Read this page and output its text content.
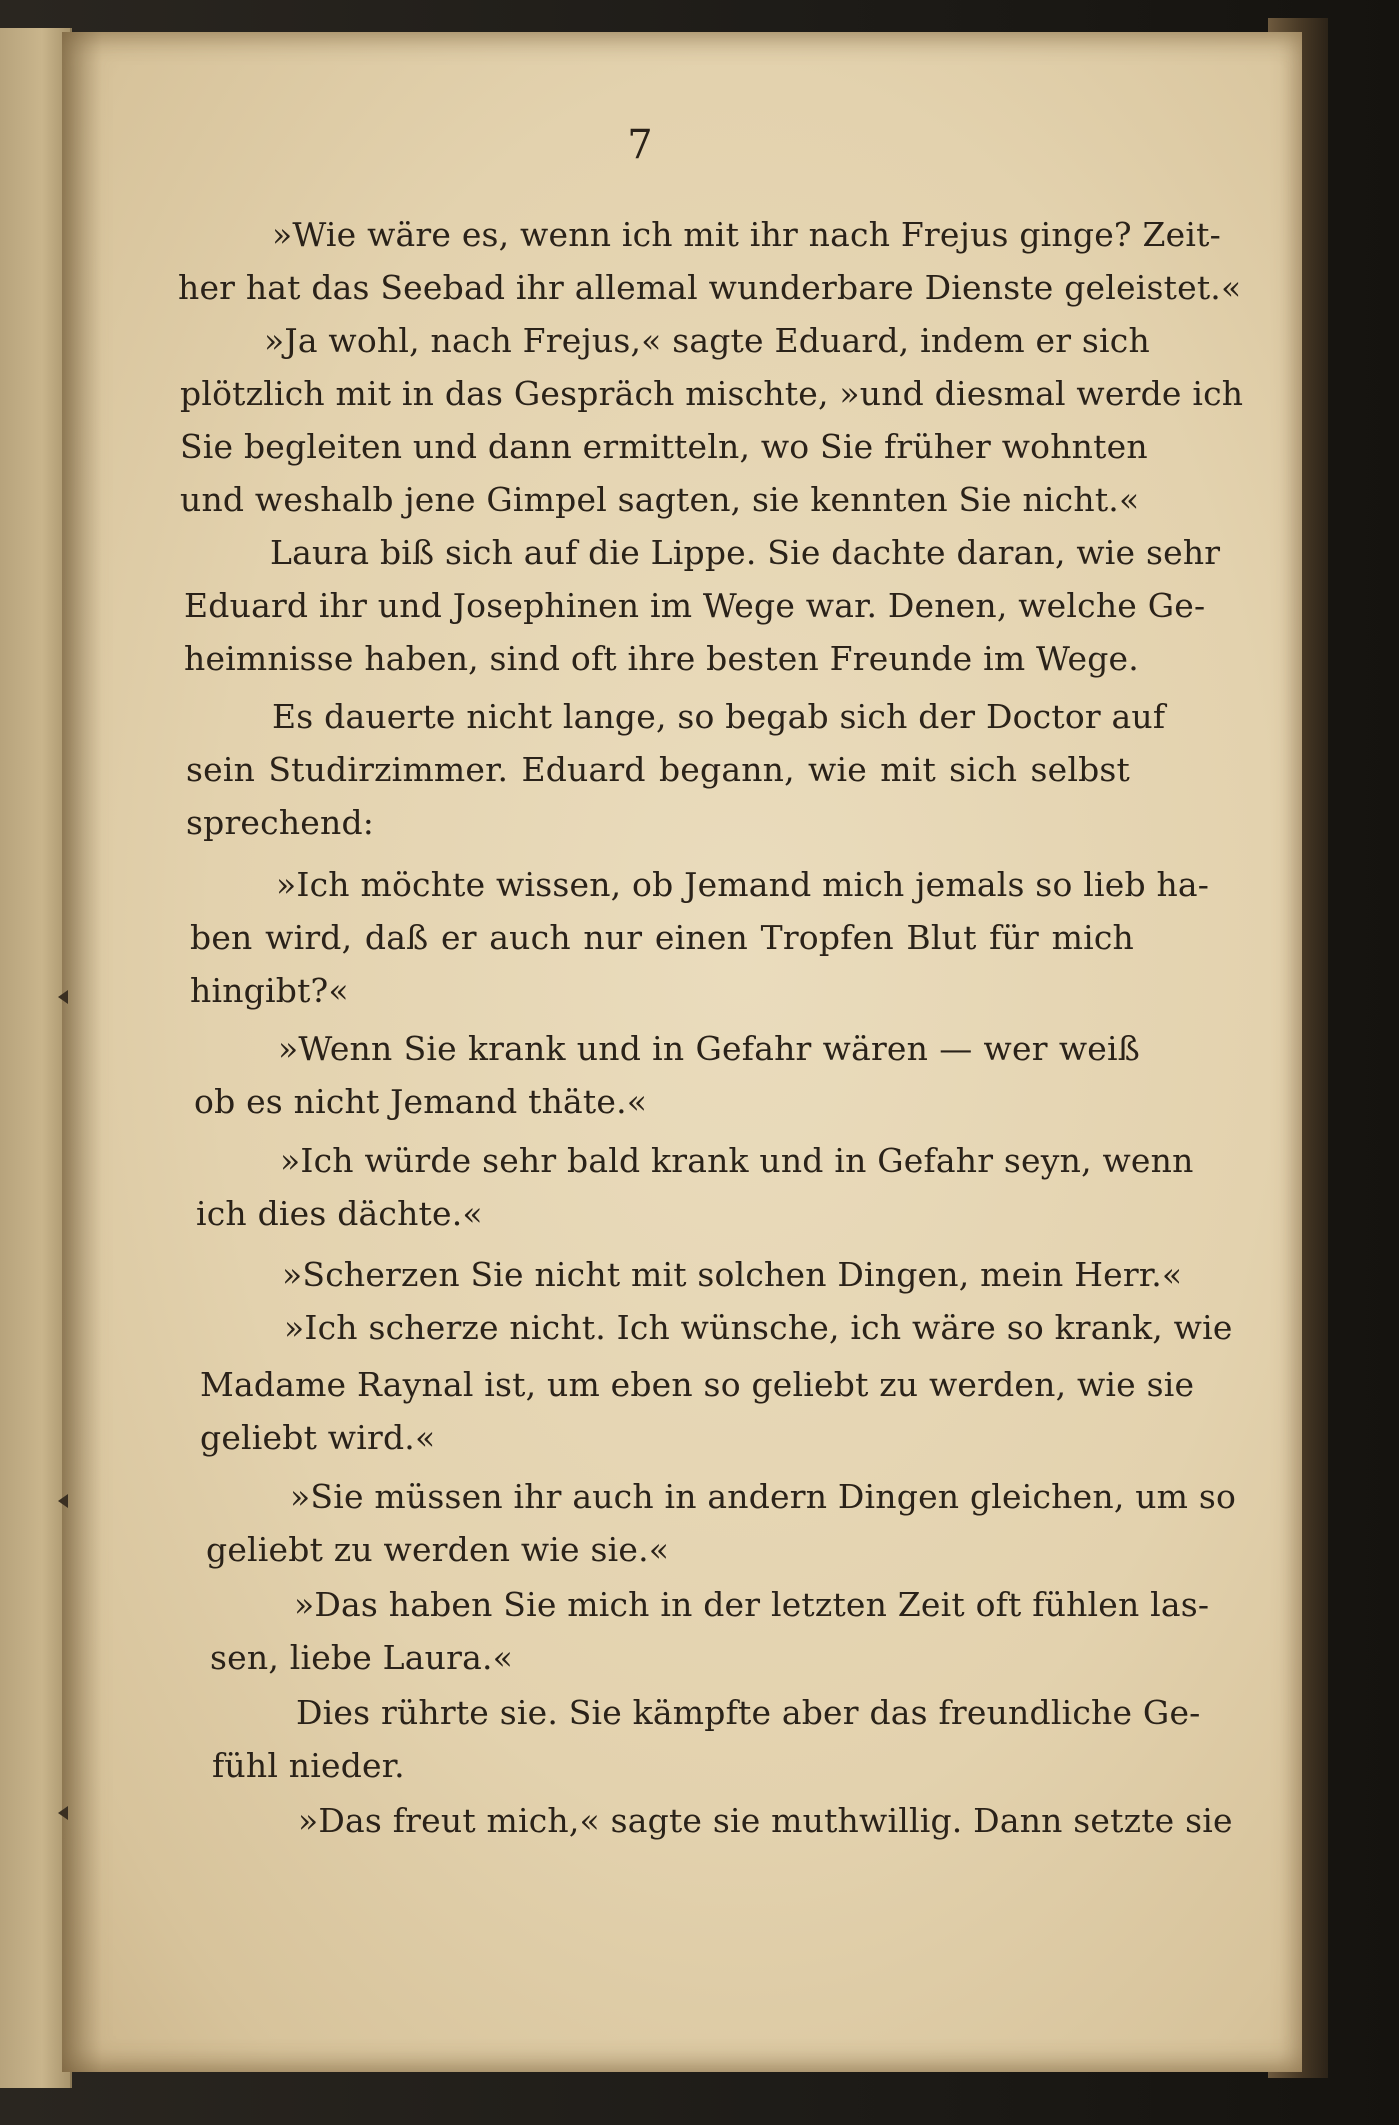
7
»Wie wäre es, wenn ich mit ihr nach Frejus ginge? Zeit-
her hat das Seebad ihr allemal wunderbare Dienste geleistet.«
»Ja wohl, nach Frejus,« sagte Eduard, indem er sich
plötzlich mit in das Gespräch mischte, »und diesmal werde ich
Sie begleiten und dann ermitteln, wo Sie früher wohnten
und weshalb jene Gimpel sagten, sie kennten Sie nicht.«
Laura biß sich auf die Lippe. Sie dachte daran, wie sehr
Eduard ihr und Josephinen im Wege war. Denen, welche Ge-
heimnisse haben, sind oft ihre besten Freunde im Wege.
Es dauerte nicht lange, so begab sich der Doctor auf
sein Studirzimmer. Eduard begann, wie mit sich selbst
sprechend:
»Ich möchte wissen, ob Jemand mich jemals so lieb ha-
ben wird, daß er auch nur einen Tropfen Blut für mich
hingibt?«
»Wenn Sie krank und in Gefahr wären — wer weiß
ob es nicht Jemand thäte.«
»Ich würde sehr bald krank und in Gefahr seyn, wenn
ich dies dächte.«
»Scherzen Sie nicht mit solchen Dingen, mein Herr.«
»Ich scherze nicht. Ich wünsche, ich wäre so krank, wie
Madame Raynal ist, um eben so geliebt zu werden, wie sie
geliebt wird.«
»Sie müssen ihr auch in andern Dingen gleichen, um so
geliebt zu werden wie sie.«
»Das haben Sie mich in der letzten Zeit oft fühlen las-
sen, liebe Laura.«
Dies rührte sie. Sie kämpfte aber das freundliche Ge-
fühl nieder.
»Das freut mich,« sagte sie muthwillig. Dann setzte sie
